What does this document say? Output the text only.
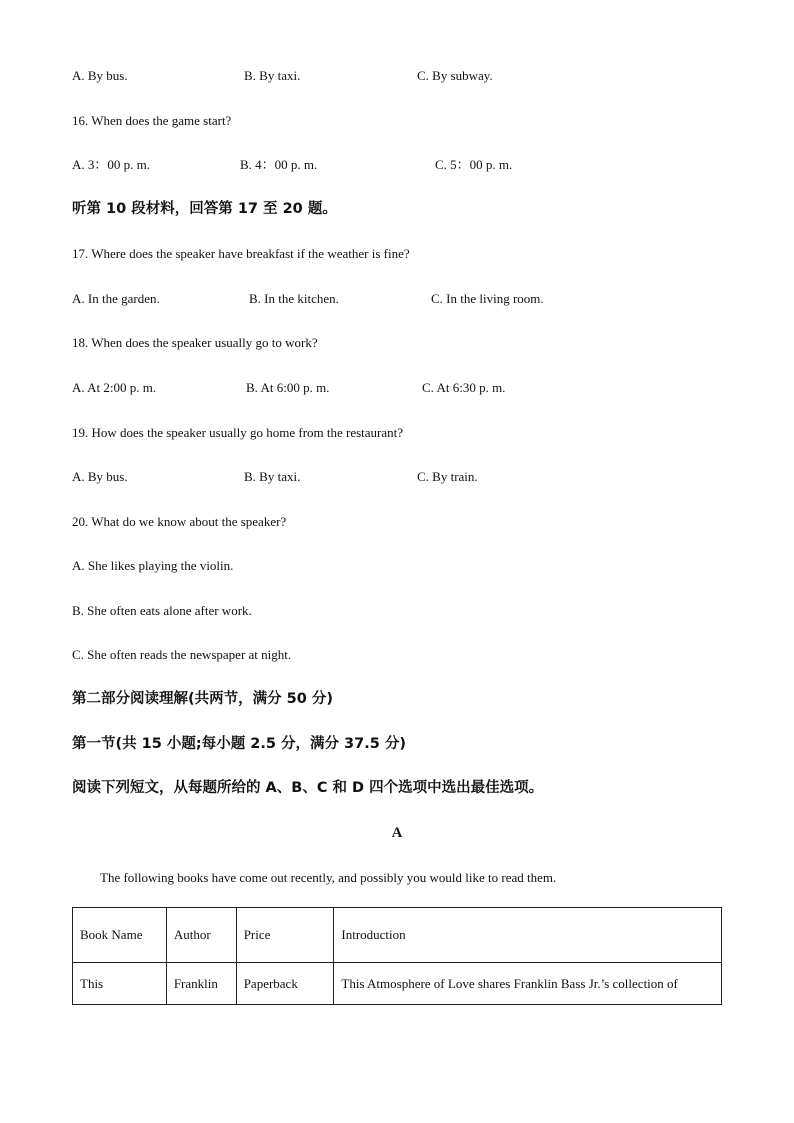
A. By bus.	B. By taxi.	C. By subway.
16. When does the game start?
A. 3：00 p. m.	B. 4：00 p. m.	C. 5：00 p. m.
听第 10 段材料，回答第 17 至 20 题。
17. Where does the speaker have breakfast if the weather is fine?
A. In the garden.	B. In the kitchen.	C. In the living room.
18. When does the speaker usually go to work?
A. At 2:00 p. m.	B. At 6:00 p. m.	C. At 6:30 p. m.
19. How does the speaker usually go home from the restaurant?
A. By bus.	B. By taxi.	C. By train.
20. What do we know about the speaker?
A. She likes playing the violin.
B. She often eats alone after work.
C. She often reads the newspaper at night.
第二部分阅读理解(共两节，满分 50 分)
第一节(共 15 小题;每小题 2.5 分，满分 37.5 分)
阅读下列短文，从每题所给的 A、B、C 和 D 四个选项中选出最佳选项。
A
The following books have come out recently, and possibly you would like to read them.
Book Name	Author	Price	Introduction
This	Franklin	Paperback	This Atmosphere of Love shares Franklin Bass Jr.’s collection of
